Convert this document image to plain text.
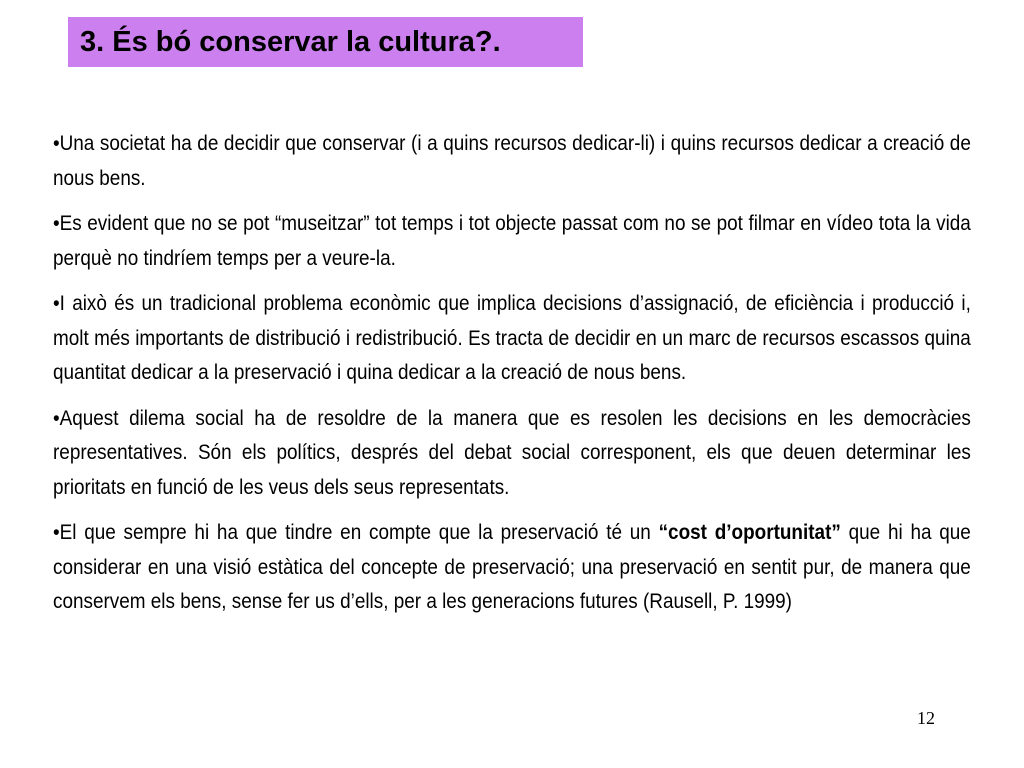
3. És bó conservar la cultura?.

•Una societat ha de decidir que conservar (i a quins recursos dedicar-li) i quins recursos dedicar a creació de nous bens.

•Es evident que no se pot “museitzar” tot temps i tot objecte passat com no se pot filmar en vídeo tota la vida perquè no tindríem temps per a veure-la.

•I això és un tradicional problema econòmic que implica decisions d’assignació, de eficiència i producció i, molt més importants de distribució i redistribució. Es tracta de decidir en un marc de recursos escassos quina quantitat dedicar a la preservació i quina dedicar a la creació de nous bens.

•Aquest dilema social ha de resoldre de la manera que es resolen les decisions en les democràcies representatives. Són els polítics, després del debat social corresponent, els que deuen determinar les prioritats en funció de les veus dels seus representats.

•El que sempre hi ha que tindre en compte que la preservació té un “cost d’oportunitat” que hi ha que considerar en una visió estàtica del concepte de preservació; una preservació en sentit pur, de manera que conservem els bens, sense fer us d’ells, per a les generacions futures (Rausell, P. 1999)

12
